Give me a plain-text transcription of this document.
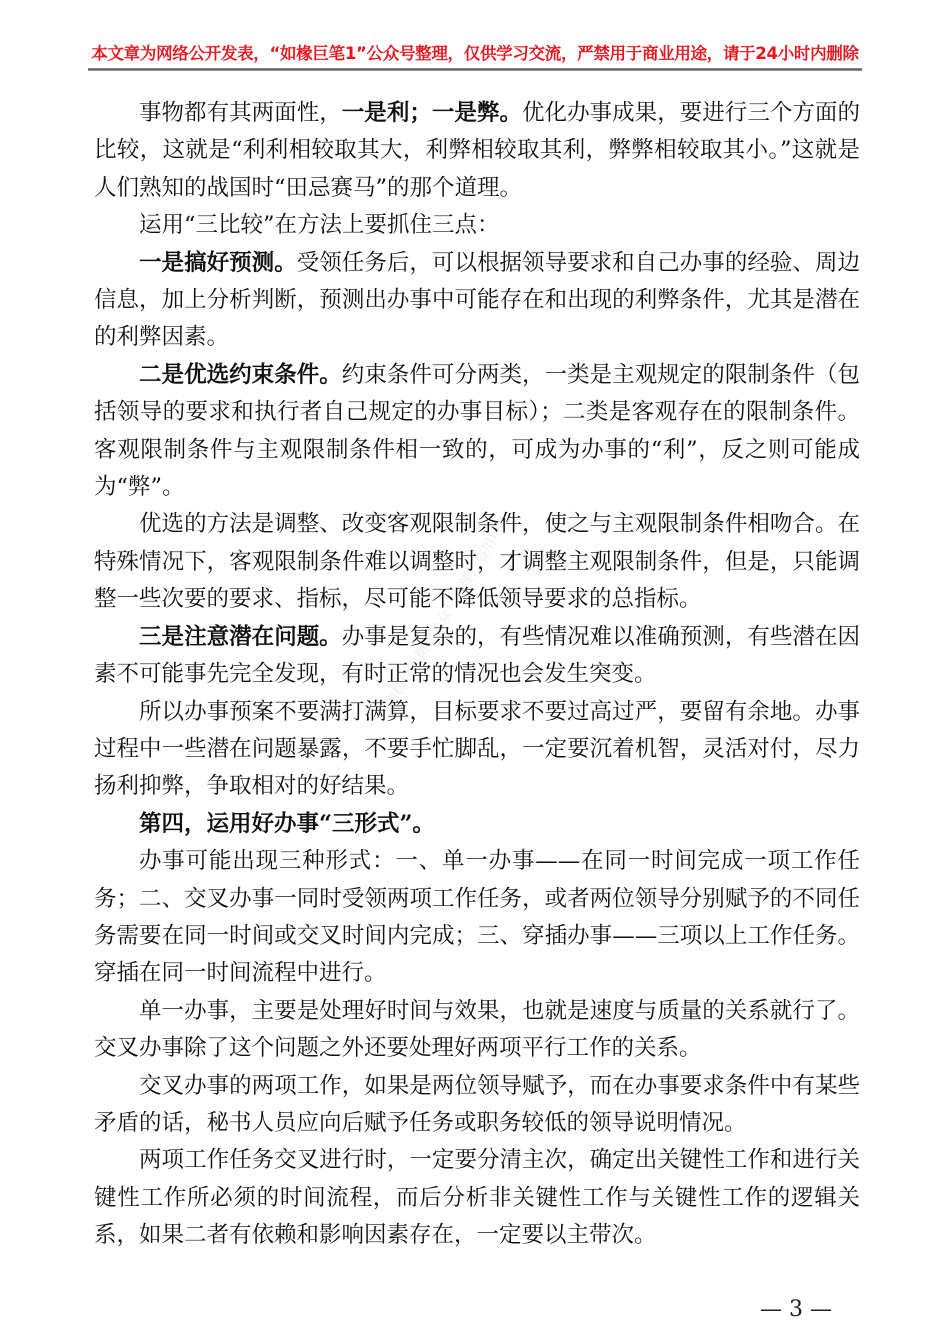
本文章为网络公开发表，“如椽巨笔1”公众号整理，仅供学习交流，严禁用于商业用途，请于24小时内删除
如椽巨笔微信公众号整理，盗用可耻

事物都有其两面性，一是利；一是弊。优化办事成果，要进行三个方面的比较，这就是“利利相较取其大，利弊相较取其利，弊弊相较取其小。”这就是人们熟知的战国时“田忌赛马”的那个道理。

运用“三比较”在方法上要抓住三点：

一是搞好预测。受领任务后，可以根据领导要求和自己办事的经验、周边信息，加上分析判断，预测出办事中可能存在和出现的利弊条件，尤其是潜在的利弊因素。

二是优选约束条件。约束条件可分两类，一类是主观规定的限制条件（包括领导的要求和执行者自己规定的办事目标）；二类是客观存在的限制条件。客观限制条件与主观限制条件相一致的，可成为办事的“利”，反之则可能成为“弊”。

优选的方法是调整、改变客观限制条件，使之与主观限制条件相吻合。在特殊情况下，客观限制条件难以调整时，才调整主观限制条件，但是，只能调整一些次要的要求、指标，尽可能不降低领导要求的总指标。

三是注意潜在问题。办事是复杂的，有些情况难以准确预测，有些潜在因素不可能事先完全发现，有时正常的情况也会发生突变。

所以办事预案不要满打满算，目标要求不要过高过严，要留有余地。办事过程中一些潜在问题暴露，不要手忙脚乱，一定要沉着机智，灵活对付，尽力扬利抑弊，争取相对的好结果。

第四，运用好办事“三形式”。

办事可能出现三种形式：一、单一办事——在同一时间完成一项工作任务；二、交叉办事一同时受领两项工作任务，或者两位领导分别赋予的不同任务需要在同一时间或交叉时间内完成；三、穿插办事——三项以上工作任务。穿插在同一时间流程中进行。

单一办事，主要是处理好时间与效果，也就是速度与质量的关系就行了。交叉办事除了这个问题之外还要处理好两项平行工作的关系。

交叉办事的两项工作，如果是两位领导赋予，而在办事要求条件中有某些矛盾的话，秘书人员应向后赋予任务或职务较低的领导说明情况。

两项工作任务交叉进行时，一定要分清主次，确定出关键性工作和进行关键性工作所必须的时间流程，而后分析非关键性工作与关键性工作的逻辑关系，如果二者有依赖和影响因素存在，一定要以主带次。

— 3 —
